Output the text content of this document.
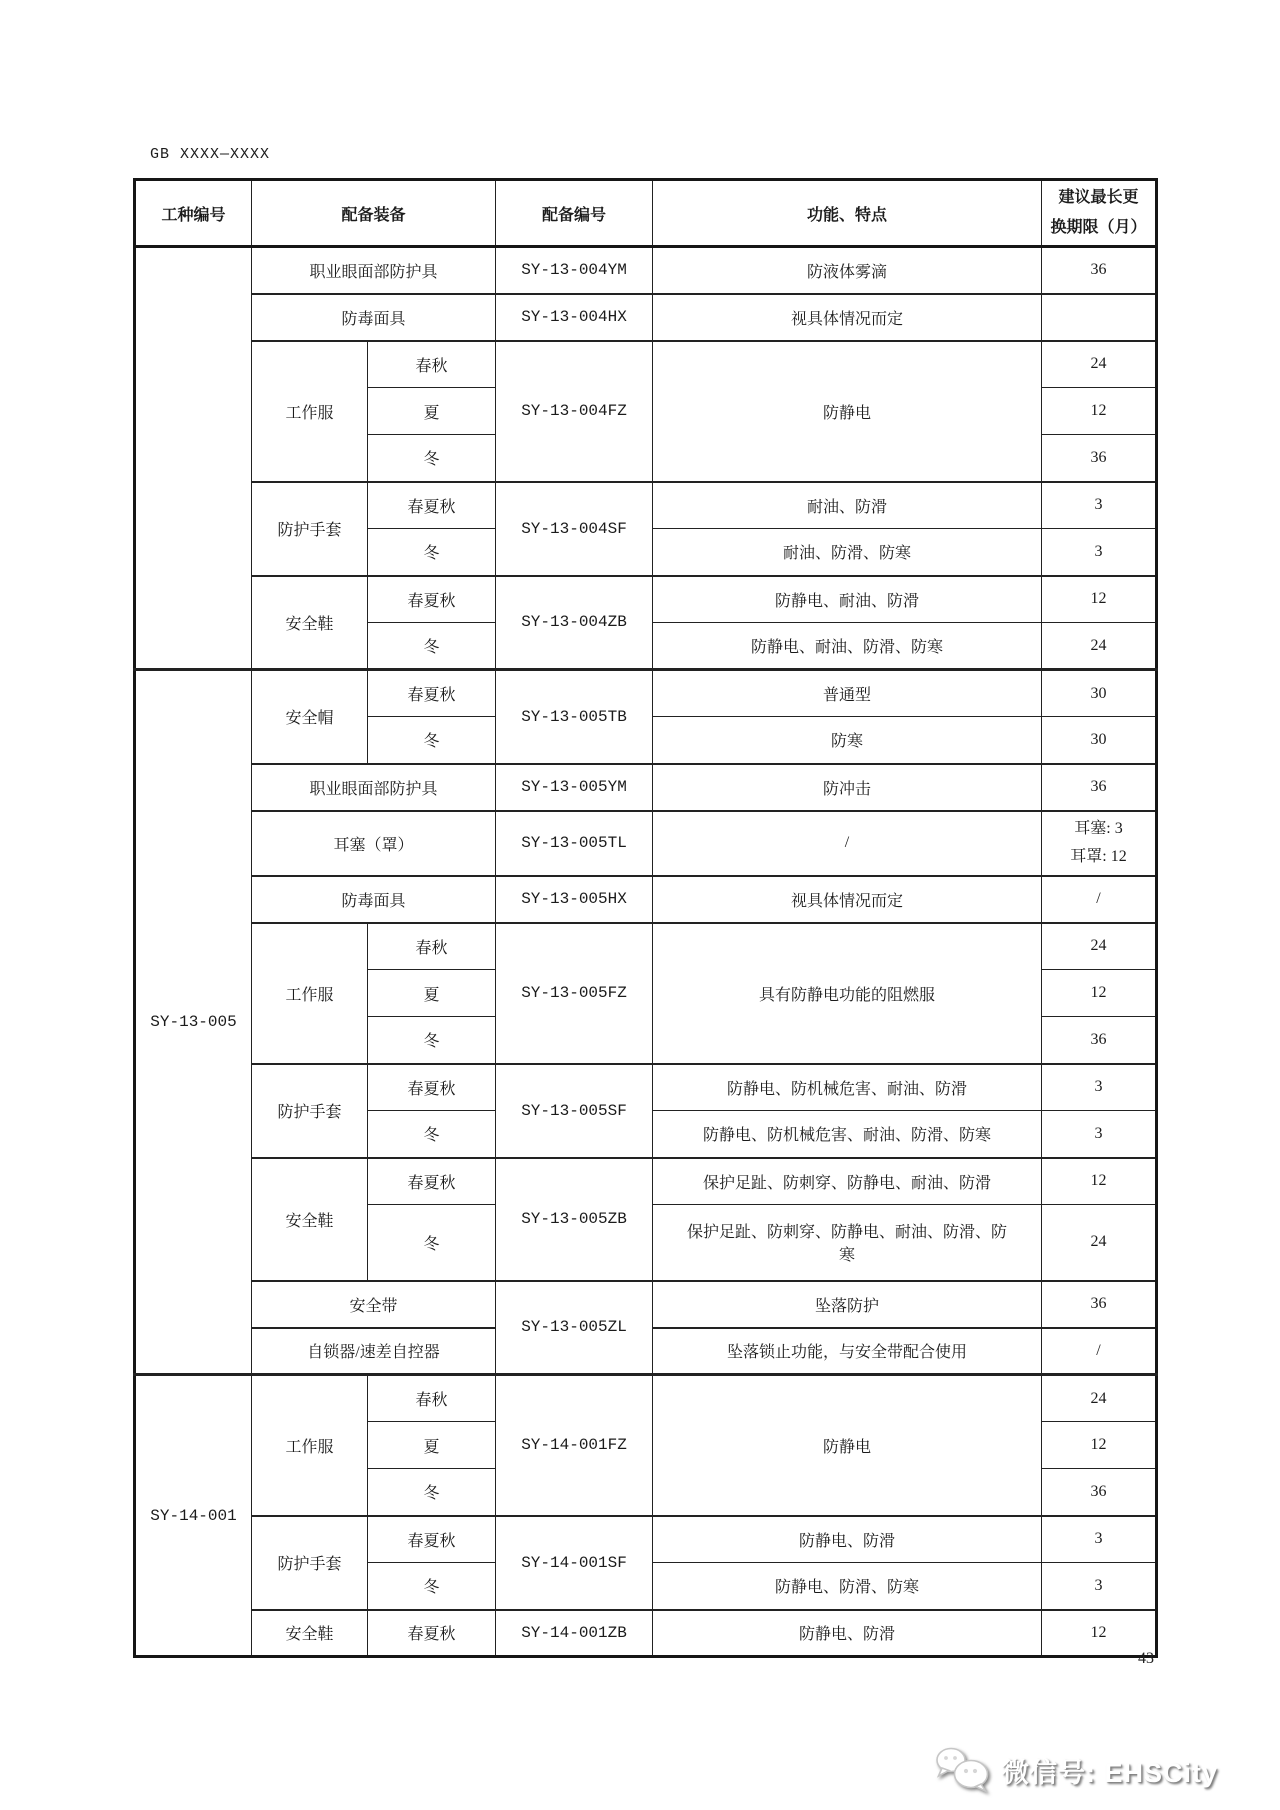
GB XXXX—XXXX
工种编号	配备装备		配备编号	功能、特点	建议最长更
换期限（月）

	职业眼面部防护具		SY-13-004YM	防液体雾滴	36
	防毒面具		SY-13-004HX	视具体情况而定	
	工作服	春秋	SY-13-004FZ	防静电	24
		夏			12
		冬			36
	防护手套	春夏秋	SY-13-004SF	耐油、防滑	3
		冬		耐油、防滑、防寒	3
	安全鞋	春夏秋	SY-13-004ZB	防静电、耐油、防滑	12
		冬		防静电、耐油、防滑、防寒	24
SY-13-005	安全帽	春夏秋	SY-13-005TB	普通型	30
		冬		防寒	30
	职业眼面部防护具		SY-13-005YM	防冲击	36
	耳塞（罩）		SY-13-005TL	/	耳塞: 3
耳罩: 12
	防毒面具		SY-13-005HX	视具体情况而定	/
	工作服	春秋	SY-13-005FZ	具有防静电功能的阻燃服	24
		夏			12
		冬			36
	防护手套	春夏秋	SY-13-005SF	防静电、防机械危害、耐油、防滑	3
		冬		防静电、防机械危害、耐油、防滑、防寒	3
	安全鞋	春夏秋	SY-13-005ZB	保护足趾、防刺穿、防静电、耐油、防滑	12
		冬		保护足趾、防刺穿、防静电、耐油、防滑、防
寒	24
	安全带		SY-13-005ZL	坠落防护	36
	自锁器/速差自控器			坠落锁止功能，与安全带配合使用	/
SY-14-001	工作服	春秋	SY-14-001FZ	防静电	24
		夏			12
		冬			36
	防护手套	春夏秋	SY-14-001SF	防静电、防滑	3
		冬		防静电、防滑、防寒	3
	安全鞋	春夏秋	SY-14-001ZB	防静电、防滑	12
43
微信号: EHSCity
